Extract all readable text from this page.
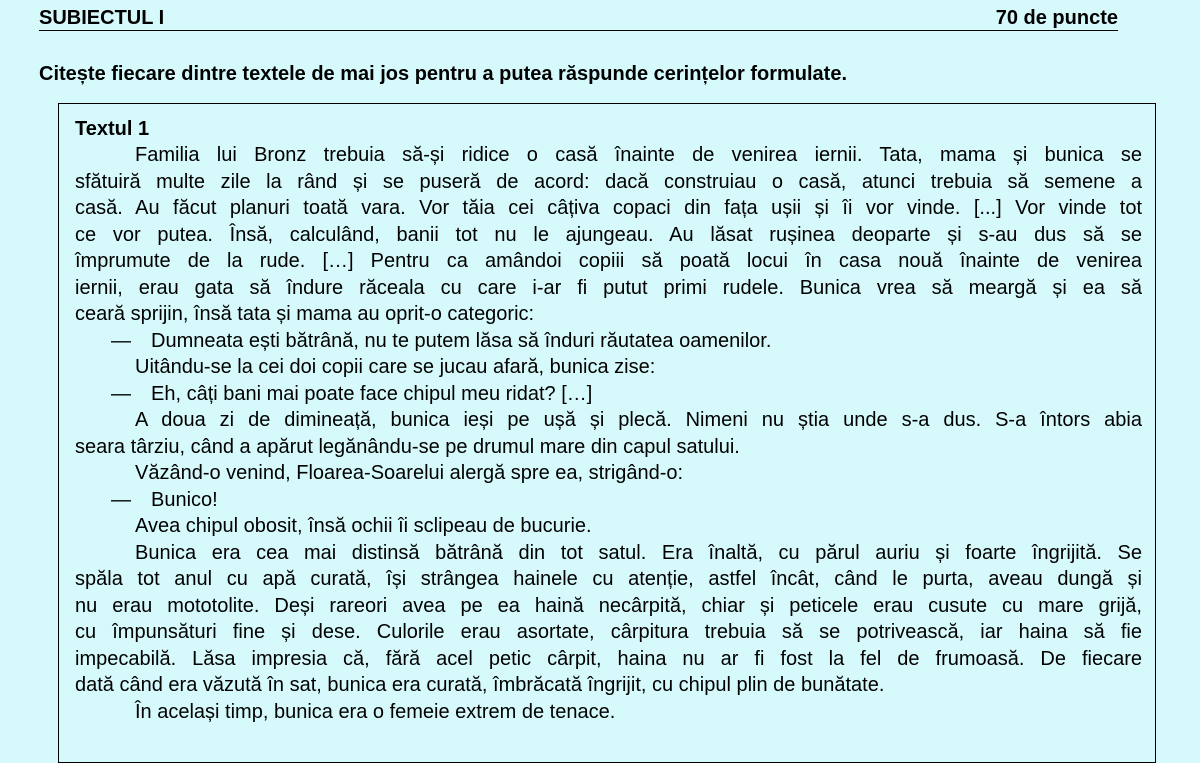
SUBIECTUL I	70 de puncte
Citește fiecare dintre textele de mai jos pentru a putea răspunde cerințelor formulate.

Textul 1

Familia lui Bronz trebuia să-și ridice o casă înainte de venirea iernii. Tata, mama și bunica se

sfătuiră multe zile la rând și se puseră de acord: dacă construiau o casă, atunci trebuia să semene a

casă. Au făcut planuri toată vara. Vor tăia cei câțiva copaci din fața ușii și îi vor vinde. [...] Vor vinde tot

ce vor putea. Însă, calculând, banii tot nu le ajungeau. Au lăsat rușinea deoparte și s-au dus să se

împrumute de la rude. […] Pentru ca amândoi copiii să poată locui în casa nouă înainte de venirea

iernii, erau gata să îndure răceala cu care i-ar fi putut primi rudele. Bunica vrea să meargă și ea să

ceară sprijin, însă tata și mama au oprit-o categoric:

— Dumneata ești bătrână, nu te putem lăsa să înduri răutatea oamenilor.

Uitându-se la cei doi copii care se jucau afară, bunica zise:

— Eh, câți bani mai poate face chipul meu ridat? […]

A doua zi de dimineață, bunica ieși pe ușă și plecă. Nimeni nu știa unde s-a dus. S-a întors abia

seara târziu, când a apărut legănându-se pe drumul mare din capul satului.

Văzând-o venind, Floarea-Soarelui alergă spre ea, strigând-o:

— Bunico!

Avea chipul obosit, însă ochii îi sclipeau de bucurie.

Bunica era cea mai distinsă bătrână din tot satul. Era înaltă, cu părul auriu și foarte îngrijită. Se

spăla tot anul cu apă curată, își strângea hainele cu atenție, astfel încât, când le purta, aveau dungă și

nu erau mototolite. Deși rareori avea pe ea haină necârpită, chiar și peticele erau cusute cu mare grijă,

cu împunsături fine și dese. Culorile erau asortate, cârpitura trebuia să se potrivească, iar haina să fie

impecabilă. Lăsa impresia că, fără acel petic cârpit, haina nu ar fi fost la fel de frumoasă. De fiecare

dată când era văzută în sat, bunica era curată, îmbrăcată îngrijit, cu chipul plin de bunătate.

În același timp, bunica era o femeie extrem de tenace.
